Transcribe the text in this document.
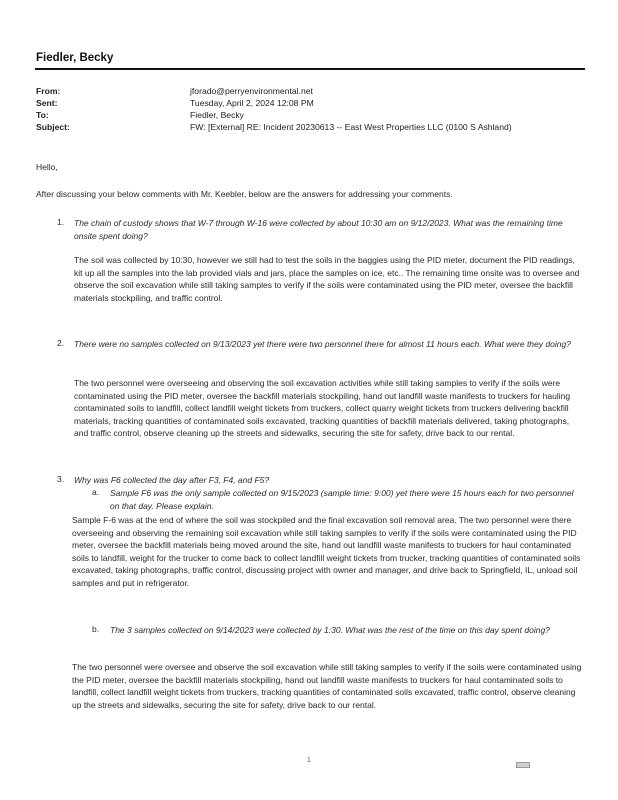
Fiedler, Becky
From:	jforado@perryenvironmental.net
Sent:	Tuesday, April 2, 2024 12:08 PM
To:	Fiedler, Becky
Subject:	FW: [External] RE: Incident 20230613 -- East West Properties LLC (0100 S Ashland)
Hello,
After discussing your below comments with Mr. Keebler, below are the answers for addressing your comments.
1. The chain of custody shows that W-7 through W-16 were collected by about 10:30 am on 9/12/2023. What was the remaining time onsite spent doing?
The soil was collected by 10:30, however we still had to test the soils in the baggies using the PID meter, document the PID readings, kit up all the samples into the lab provided vials and jars, place the samples on ice, etc.. The remaining time onsite was to oversee and observe the soil excavation while still taking samples to verify if the soils were contaminated using the PID meter, oversee the backfill materials stockpiling, and traffic control.
2. There were no samples collected on 9/13/2023 yet there were two personnel there for almost 11 hours each. What were they doing?
The two personnel were overseeing and observing the soil excavation activities while still taking samples to verify if the soils were contaminated using the PID meter, oversee the backfill materials stockpiling, hand out landfill waste manifests to truckers for hauling contaminated soils to landfill, collect landfill weight tickets from truckers, collect quarry weight tickets from truckers delivering backfill materials, tracking quantities of contaminated soils excavated, tracking quantities of backfill materials delivered, taking photographs, and traffic control, observe cleaning up the streets and sidewalks, securing the site for safety, drive back to our rental.
3. Why was F6 collected the day after F3, F4, and F5?
a. Sample F6 was the only sample collected on 9/15/2023 (sample time: 9:00) yet there were 15 hours each for two personnel on that day. Please explain.
Sample F-6 was at the end of where the soil was stockpiled and the final excavation soil removal area. The two personnel were there overseeing and observing the remaining soil excavation while still taking samples to verify if the soils were contaminated using the PID meter, oversee the backfill materials being moved around the site, hand out landfill waste manifests to truckers for haul contaminated soils to landfill, weight for the trucker to come back to collect landfill weight tickets from trucker, tracking quantities of contaminated soils excavated, taking photographs, traffic control, discussing project with owner and manager, and drive back to Springfield, IL, unload soil samples and put in refrigerator.
b. The 3 samples collected on 9/14/2023 were collected by 1:30. What was the rest of the time on this day spent doing?
The two personnel were oversee and observe the soil excavation while still taking samples to verify if the soils were contaminated using the PID meter, oversee the backfill materials stockpiling, hand out landfill waste manifests to truckers for haul contaminated soils to landfill, collect landfill weight tickets from truckers, tracking quantities of contaminated soils excavated, traffic control, observe cleaning up the streets and sidewalks, securing the site for safety, drive back to our rental.
1
